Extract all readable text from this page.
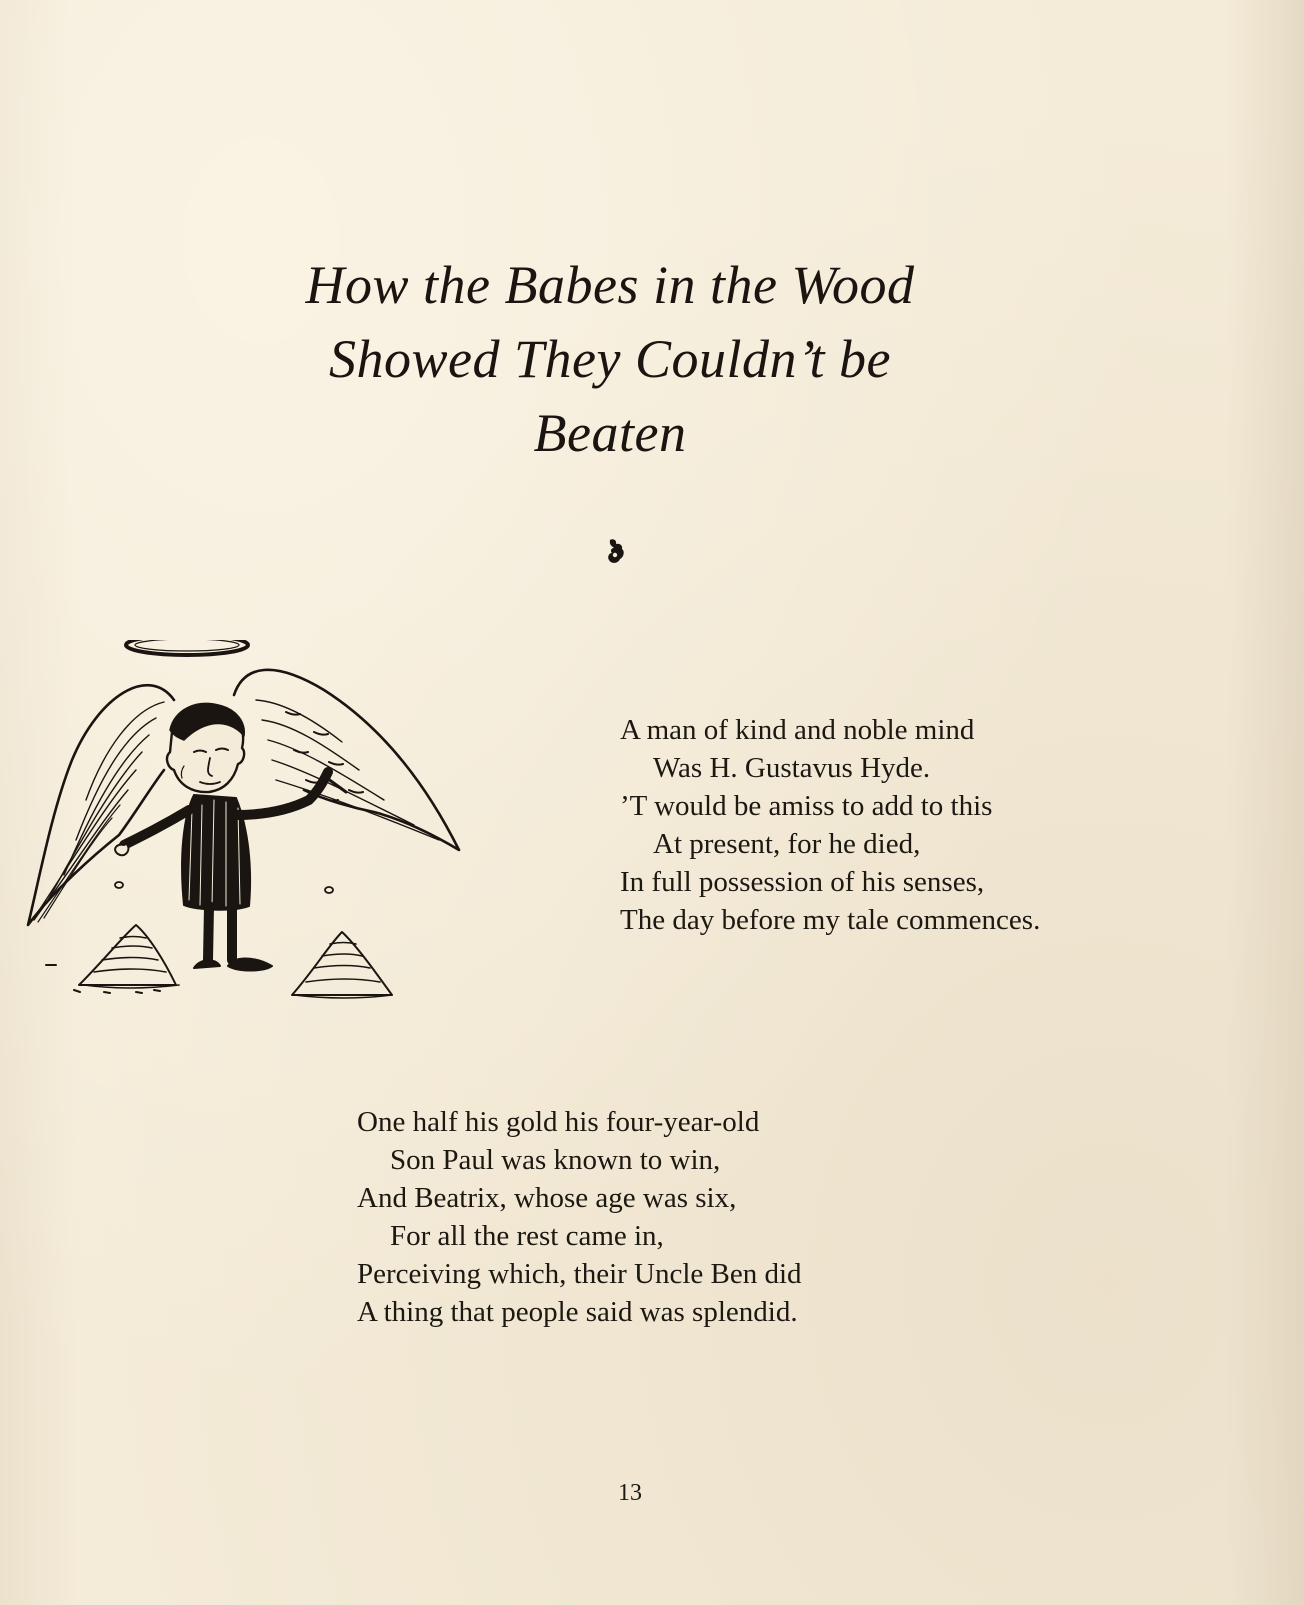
How the Babes in the Wood
Showed They Couldn’t be
Beaten
A man of kind and noble mind
Was H. Gustavus Hyde.
’T would be amiss to add to this
At present, for he died,
In full possession of his senses,
The day before my tale commences.
One half his gold his four-year-old
Son Paul was known to win,
And Beatrix, whose age was six,
For all the rest came in,
Perceiving which, their Uncle Ben did
A thing that people said was splendid.
13
